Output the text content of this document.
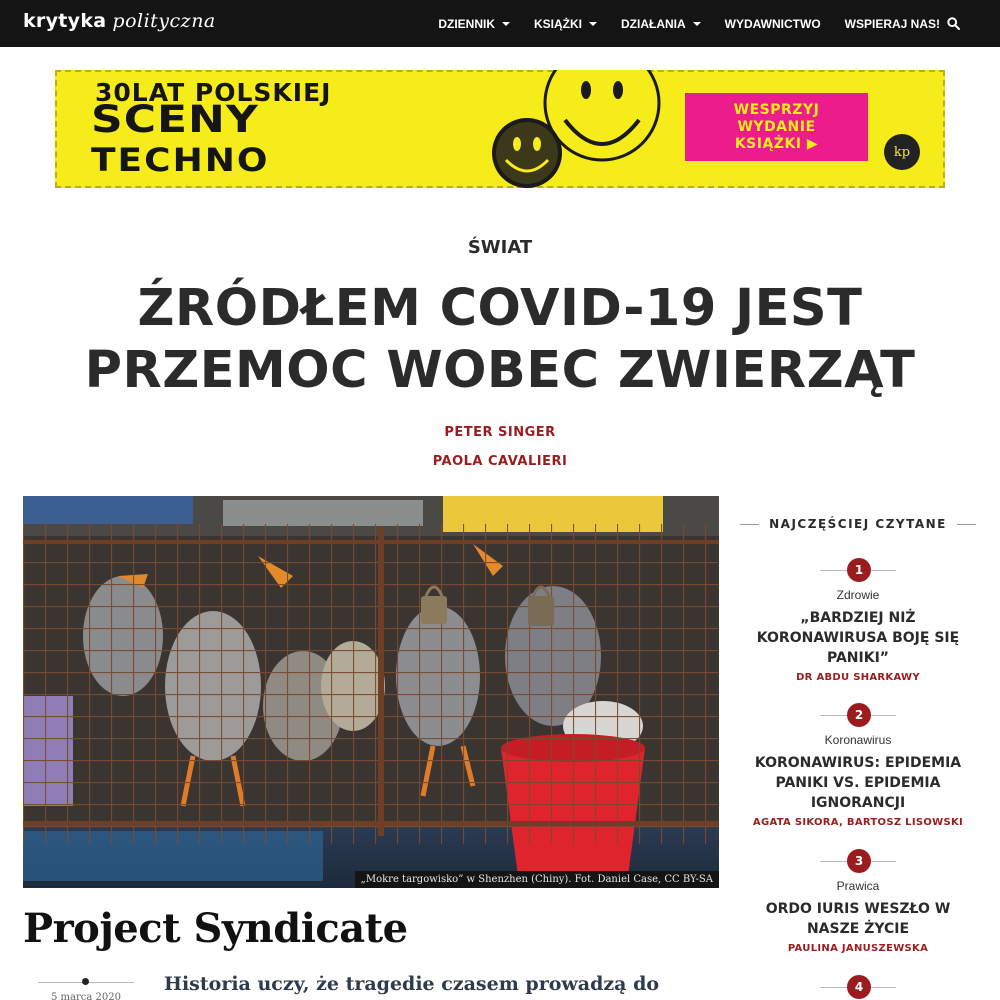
krytyka polityczna	DZIENNIK	KSIĄŻKI	DZIAŁANIA	WYDAWNICTWO WSPIERAJ NAS!
30LAT POLSKIEJ
SCENY
TECHNO
WESPRZYJ
WYDANIE
KSIĄŻKI ▶
kp
ŚWIAT
ŹRÓDŁEM COVID-19 JEST PRZEMOC WOBEC ZWIERZĄT
PETER SINGER
PAOLA CAVALIERI
„Mokre targowisko” w Shenzhen (Chiny). Fot. Daniel Case, CC BY-SA
Project Syndicate
5 marca 2020

Historia uczy, że tragedie czasem prowadzą do

NAJCZĘŚCIEJ CZYTANE
1
Zdrowie
„BARDZIEJ NIŻ KORONAWIRUSA BOJĘ SIĘ PANIKI”
DR ABDU SHARKAWY
2
Koronawirus
KORONAWIRUS: EPIDEMIA PANIKI VS. EPIDEMIA IGNORANCJI
AGATA SIKORA, BARTOSZ LISOWSKI
3
Prawica
ORDO IURIS WESZŁO W NASZE ŻYCIE
PAULINA JANUSZEWSKA
4
